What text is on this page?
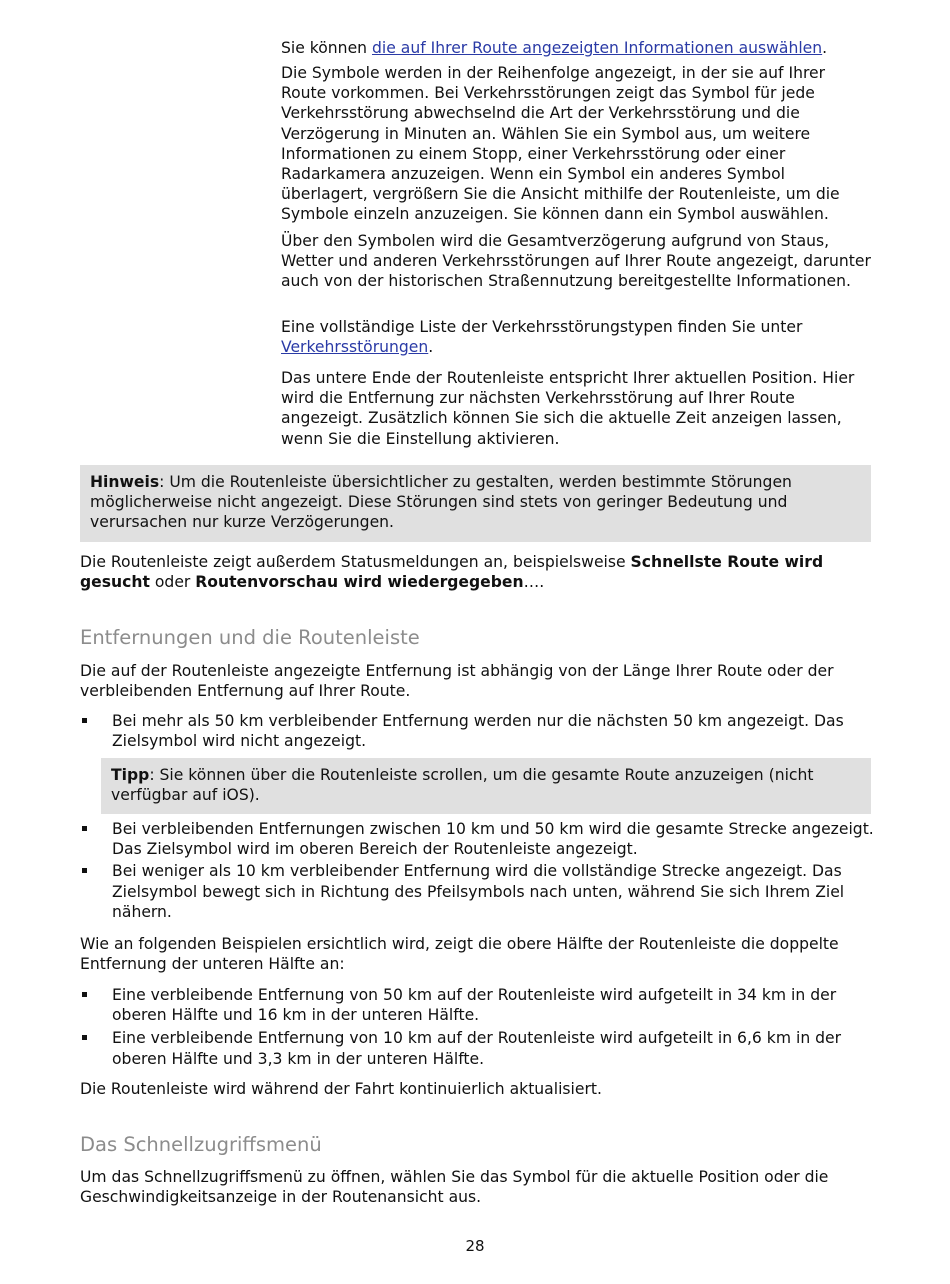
Sie können die auf Ihrer Route angezeigten Informationen auswählen.

Die Symbole werden in der Reihenfolge angezeigt, in der sie auf Ihrer Route vorkommen. Bei Verkehrsstörungen zeigt das Symbol für jede Verkehrsstörung abwechselnd die Art der Verkehrsstörung und die Verzögerung in Minuten an. Wählen Sie ein Symbol aus, um weitere Informationen zu einem Stopp, einer Verkehrsstörung oder einer Radarkamera anzuzeigen. Wenn ein Symbol ein anderes Symbol überlagert, vergrößern Sie die Ansicht mithilfe der Routenleiste, um die Symbole einzeln anzuzeigen. Sie können dann ein Symbol auswählen.

Über den Symbolen wird die Gesamtverzögerung aufgrund von Staus, Wetter und anderen Verkehrsstörungen auf Ihrer Route angezeigt, darunter auch von der historischen Straßennutzung bereitgestellte Informationen.

Eine vollständige Liste der Verkehrsstörungstypen finden Sie unter Verkehrsstörungen.

Das untere Ende der Routenleiste entspricht Ihrer aktuellen Position. Hier wird die Entfernung zur nächsten Verkehrsstörung auf Ihrer Route angezeigt. Zusätzlich können Sie sich die aktuelle Zeit anzeigen lassen, wenn Sie die Einstellung aktivieren.

Hinweis: Um die Routenleiste übersichtlicher zu gestalten, werden bestimmte Störungen möglicherweise nicht angezeigt. Diese Störungen sind stets von geringer Bedeutung und verursachen nur kurze Verzögerungen.

Die Routenleiste zeigt außerdem Statusmeldungen an, beispielsweise Schnellste Route wird gesucht oder Routenvorschau wird wiedergegeben….

Entfernungen und die Routenleiste

Die auf der Routenleiste angezeigte Entfernung ist abhängig von der Länge Ihrer Route oder der verbleibenden Entfernung auf Ihrer Route.

Bei mehr als 50 km verbleibender Entfernung werden nur die nächsten 50 km angezeigt. Das Zielsymbol wird nicht angezeigt.

Tipp: Sie können über die Routenleiste scrollen, um die gesamte Route anzuzeigen (nicht verfügbar auf iOS).

Bei verbleibenden Entfernungen zwischen 10 km und 50 km wird die gesamte Strecke angezeigt. Das Zielsymbol wird im oberen Bereich der Routenleiste angezeigt.
Bei weniger als 10 km verbleibender Entfernung wird die vollständige Strecke angezeigt. Das Zielsymbol bewegt sich in Richtung des Pfeilsymbols nach unten, während Sie sich Ihrem Ziel nähern.

Wie an folgenden Beispielen ersichtlich wird, zeigt die obere Hälfte der Routenleiste die doppelte Entfernung der unteren Hälfte an:

Eine verbleibende Entfernung von 50 km auf der Routenleiste wird aufgeteilt in 34 km in der oberen Hälfte und 16 km in der unteren Hälfte.
Eine verbleibende Entfernung von 10 km auf der Routenleiste wird aufgeteilt in 6,6 km in der oberen Hälfte und 3,3 km in der unteren Hälfte.

Die Routenleiste wird während der Fahrt kontinuierlich aktualisiert.

Das Schnellzugriffsmenü

Um das Schnellzugriffsmenü zu öffnen, wählen Sie das Symbol für die aktuelle Position oder die Geschwindigkeitsanzeige in der Routenansicht aus.

28
